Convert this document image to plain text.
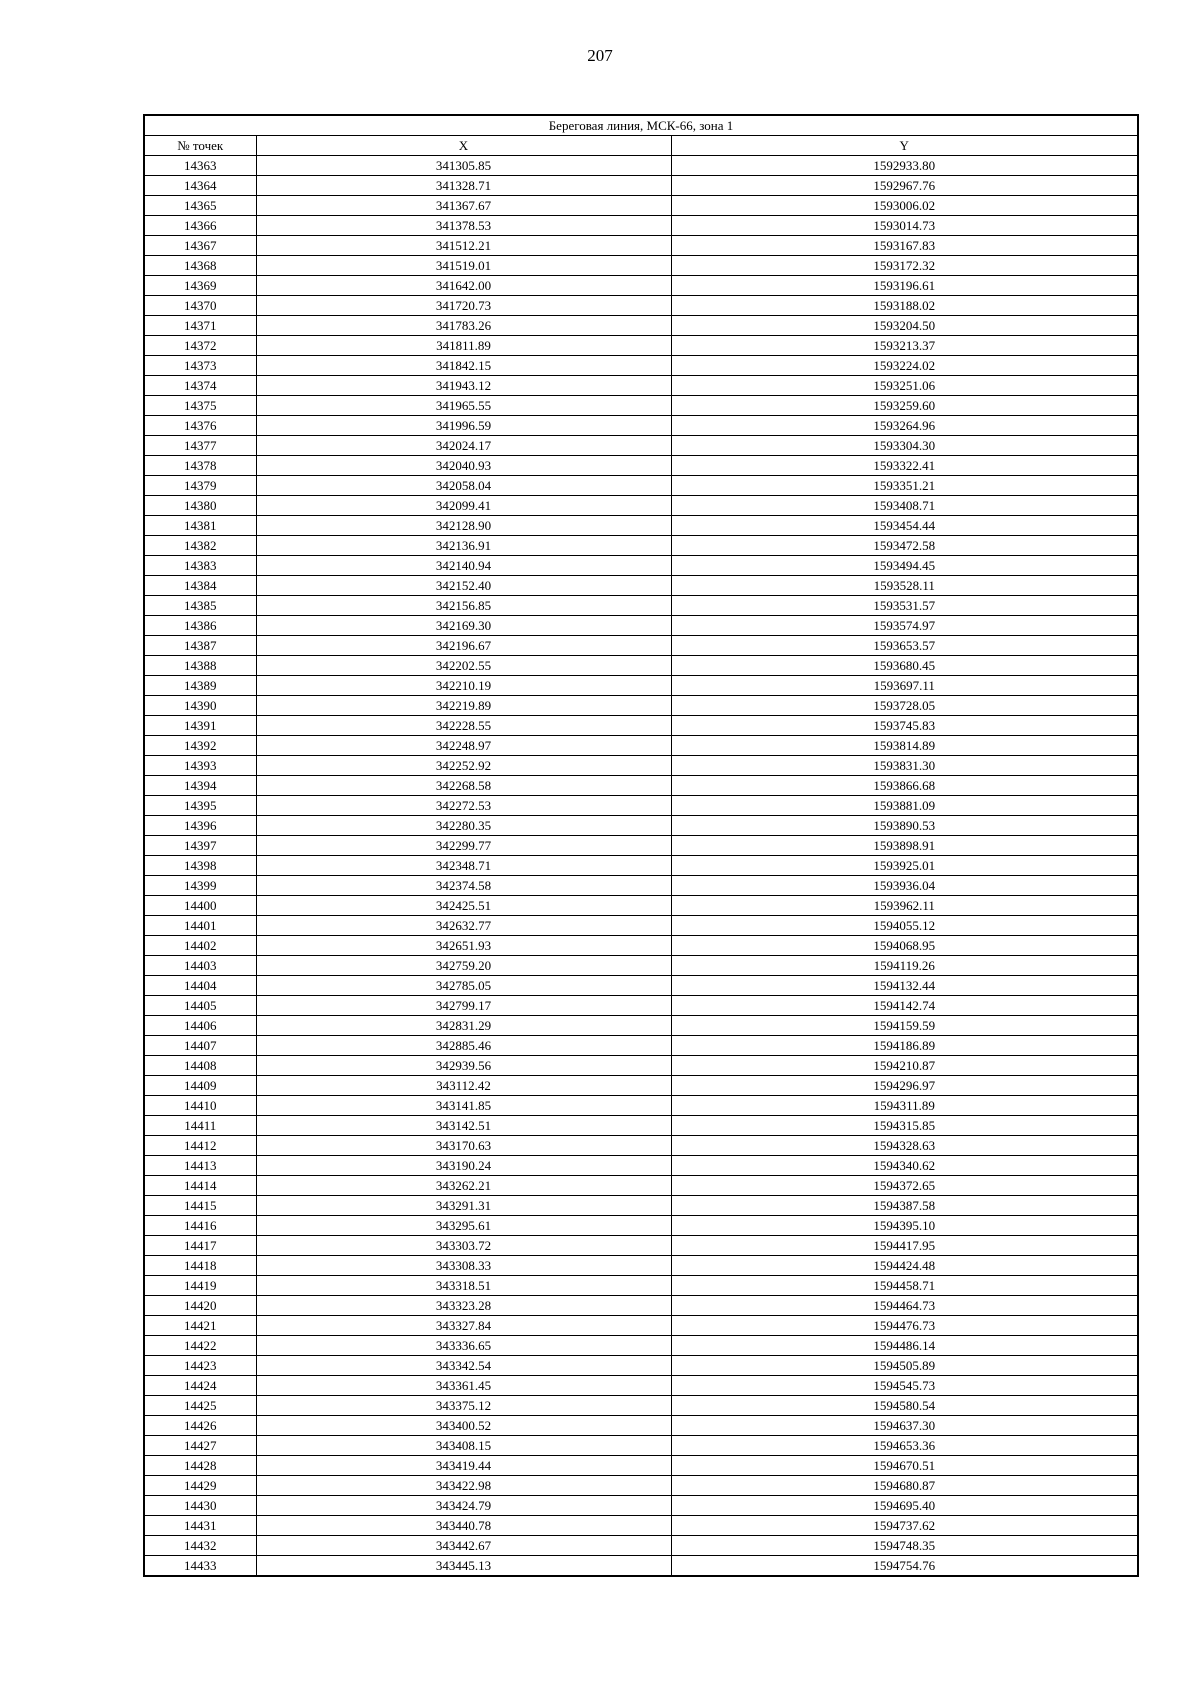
207
Береговая линия, МСК-66, зона 1		
№ точек	X	Y
14363	341305.85	1592933.80
14364	341328.71	1592967.76
14365	341367.67	1593006.02
14366	341378.53	1593014.73
14367	341512.21	1593167.83
14368	341519.01	1593172.32
14369	341642.00	1593196.61
14370	341720.73	1593188.02
14371	341783.26	1593204.50
14372	341811.89	1593213.37
14373	341842.15	1593224.02
14374	341943.12	1593251.06
14375	341965.55	1593259.60
14376	341996.59	1593264.96
14377	342024.17	1593304.30
14378	342040.93	1593322.41
14379	342058.04	1593351.21
14380	342099.41	1593408.71
14381	342128.90	1593454.44
14382	342136.91	1593472.58
14383	342140.94	1593494.45
14384	342152.40	1593528.11
14385	342156.85	1593531.57
14386	342169.30	1593574.97
14387	342196.67	1593653.57
14388	342202.55	1593680.45
14389	342210.19	1593697.11
14390	342219.89	1593728.05
14391	342228.55	1593745.83
14392	342248.97	1593814.89
14393	342252.92	1593831.30
14394	342268.58	1593866.68
14395	342272.53	1593881.09
14396	342280.35	1593890.53
14397	342299.77	1593898.91
14398	342348.71	1593925.01
14399	342374.58	1593936.04
14400	342425.51	1593962.11
14401	342632.77	1594055.12
14402	342651.93	1594068.95
14403	342759.20	1594119.26
14404	342785.05	1594132.44
14405	342799.17	1594142.74
14406	342831.29	1594159.59
14407	342885.46	1594186.89
14408	342939.56	1594210.87
14409	343112.42	1594296.97
14410	343141.85	1594311.89
14411	343142.51	1594315.85
14412	343170.63	1594328.63
14413	343190.24	1594340.62
14414	343262.21	1594372.65
14415	343291.31	1594387.58
14416	343295.61	1594395.10
14417	343303.72	1594417.95
14418	343308.33	1594424.48
14419	343318.51	1594458.71
14420	343323.28	1594464.73
14421	343327.84	1594476.73
14422	343336.65	1594486.14
14423	343342.54	1594505.89
14424	343361.45	1594545.73
14425	343375.12	1594580.54
14426	343400.52	1594637.30
14427	343408.15	1594653.36
14428	343419.44	1594670.51
14429	343422.98	1594680.87
14430	343424.79	1594695.40
14431	343440.78	1594737.62
14432	343442.67	1594748.35
14433	343445.13	1594754.76
